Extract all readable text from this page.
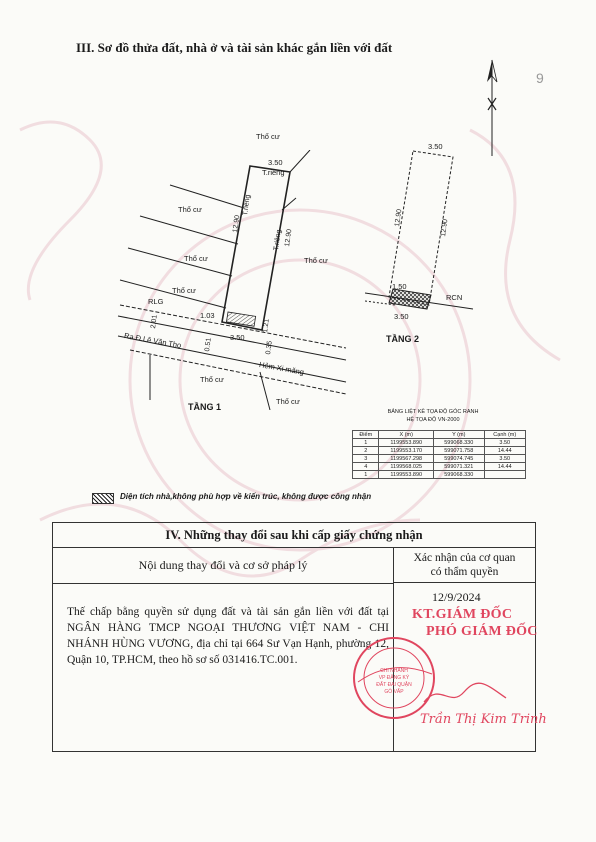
III. Sơ đồ thửa đất, nhà ở và tài sản khác gắn liền với đất
9
Thổ cư
3.50
T.riêng
Thổ cư
Thổ cư
Thổ cư
Thổ cư
12.90
T.riêng
T.riêng 12.90
RLG
1.03
2.01
0.51
3.50
1.21
0.35
Ra Đ.Lê Văn Thọ
Hẻm Xi măng
Thổ cư
Thổ cư
TẦNG 1
3.50
12.90
12.90
1.50
RCN
3.50
TẦNG 2
BẢNG LIỆT KÊ TỌA ĐỘ GÓC RANH
HỆ TỌA ĐỘ VN-2000
Điểm	X (m)	Y (m)	Cạnh (m)
1	1199553.890	599068.330	3.50
2	1199553.170	599071.758	14.44
3	1199567.298	599074.745	3.50
4	1199568.025	599071.321	14.44
1	1199553.890	599068.330	
Diện tích nhà,không phù hợp về kiến trúc, không được công nhận
IV. Những thay đổi sau khi cấp giấy chứng nhận
Nội dung thay đổi và cơ sở pháp lý	Xác nhận của cơ quan
có thẩm quyền
Thế chấp bằng quyền sử dụng đất và tài sản gắn liền với đất tại NGÂN HÀNG TMCP NGOẠI THƯƠNG VIỆT NAM - CHI NHÁNH HÙNG VƯƠNG, địa chỉ tại 664 Sư Vạn Hạnh, phường 12, Quận 10, TP.HCM, theo hồ sơ số 031416.TC.001.
12/9/2024
KT.GIÁM ĐỐC
PHÓ GIÁM ĐỐC
CHI NHÁNH
VP ĐĂNG KÝ
ĐẤT ĐAI QUẬN
GÒ VẤP
Trần Thị Kim Trinh
